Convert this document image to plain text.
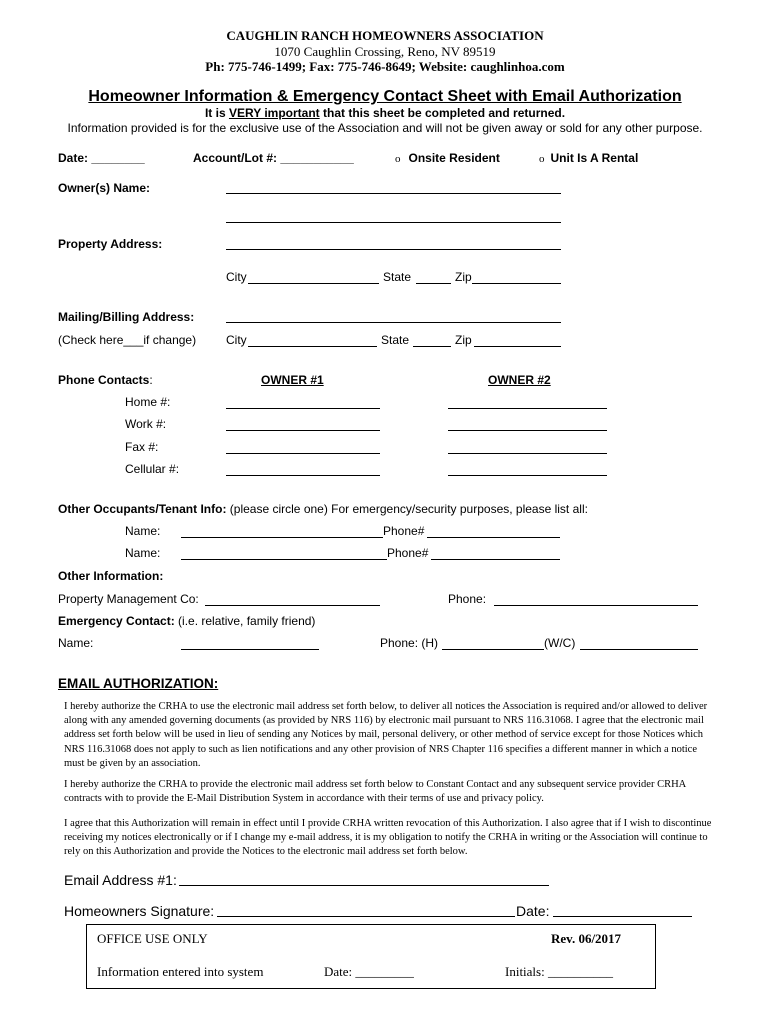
CAUGHLIN RANCH HOMEOWNERS ASSOCIATION
1070 Caughlin Crossing, Reno, NV 89519
Ph: 775-746-1499; Fax: 775-746-8649; Website: caughlinhoa.com
Homeowner Information & Emergency Contact Sheet with Email Authorization
It is VERY important that this sheet be completed and returned.
Information provided is for the exclusive use of the Association and will not be given away or sold for any other purpose.
Date: ________	Account/Lot #: ___________	o Onsite Resident	o Unit Is A Rental
Owner(s) Name:
Property Address:
City	State	Zip
Mailing/Billing Address:
(Check here___if change) City	State	Zip
Phone Contacts:	OWNER #1	OWNER #2
Home #:
Work #:
Fax #:
Cellular #:
Other Occupants/Tenant Info: (please circle one) For emergency/security purposes, please list all:
Name:	Phone#
Name:	Phone#
Other Information:
Property Management Co:	Phone:
Emergency Contact: (i.e. relative, family friend)
Name:	Phone: (H)	(W/C)
EMAIL AUTHORIZATION:
I hereby authorize the CRHA to use the electronic mail address set forth below, to deliver all notices the Association is required and/or allowed to deliver along with any amended governing documents (as provided by NRS 116) by electronic mail pursuant to NRS 116.31068. I agree that the electronic mail address set forth below will be used in lieu of sending any Notices by mail, personal delivery, or other method of service except for those Notices which NRS 116.31068 does not apply to such as lien notifications and any other provision of NRS Chapter 116 specifies a different manner in which a notice must be given by an association.
I hereby authorize the CRHA to provide the electronic mail address set forth below to Constant Contact and any subsequent service provider CRHA contracts with to provide the E-Mail Distribution System in accordance with their terms of use and privacy policy.
I agree that this Authorization will remain in effect until I provide CRHA written revocation of this Authorization. I also agree that if I wish to discontinue receiving my notices electronically or if I change my e-mail address, it is my obligation to notify the CRHA in writing or the Association will continue to rely on this Authorization and provide the Notices to the electronic mail address set forth below.
Email Address #1:
Homeowners Signature:	Date:
OFFICE USE ONLY	Rev. 06/2017
Information entered into system	Date: _________	Initials: __________
